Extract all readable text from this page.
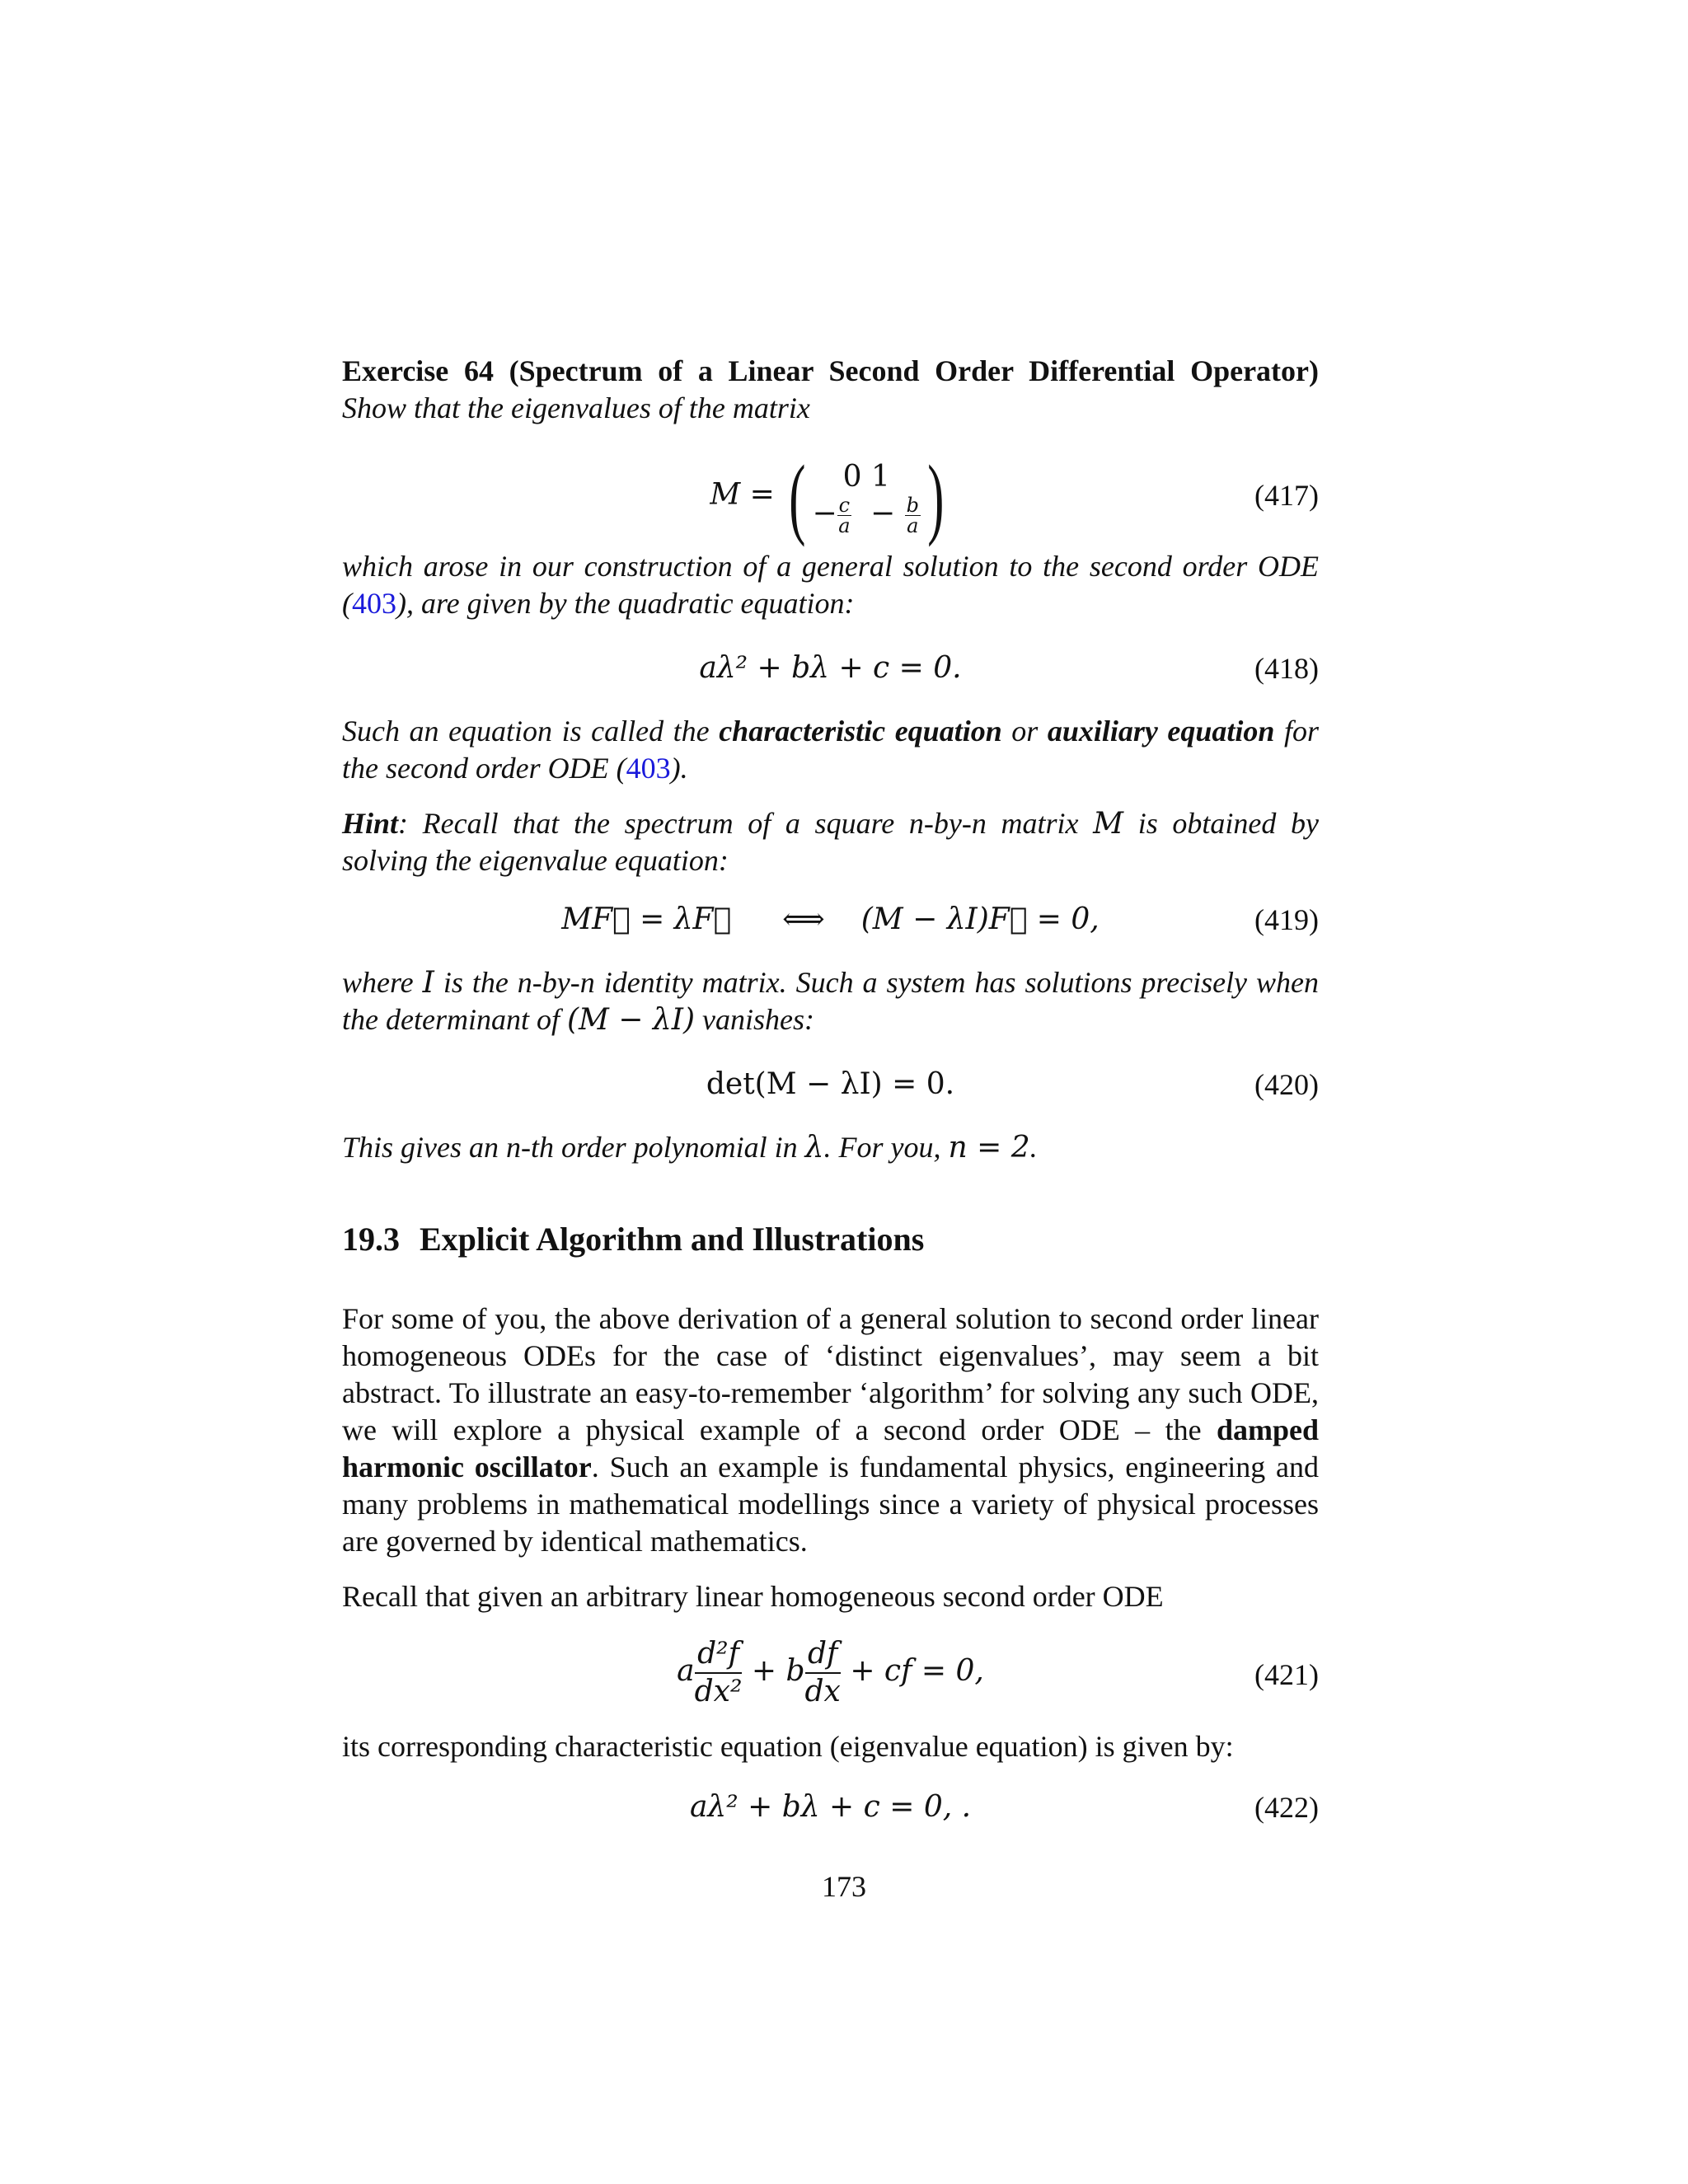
Exercise 64 (Spectrum of a Linear Second Order Differential Operator) Show that the eigenvalues of the matrix

M = (	0 1
− $\frac{c}{a} - \frac{b}{a}$ )	(417)

which arose in our construction of a general solution to the second order ODE (403), are given by the quadratic equation:

aλ² + bλ + c = 0.	(418)

Such an equation is called the characteristic equation or auxiliary equation for the second order ODE (403).

Hint: Recall that the spectrum of a square n-by-n matrix M is obtained by solving the eigenvalue equation:

MF⃗ = λF⃗ ⟺ (M − λI)F⃗ = 0,	(419)

where I is the n-by-n identity matrix. Such a system has solutions precisely when the determinant of (M − λI) vanishes:

det(M − λI) = 0.	(420)

This gives an n-th order polynomial in λ. For you, n = 2.

19.3 Explicit Algorithm and Illustrations

For some of you, the above derivation of a general solution to second order linear homogeneous ODEs for the case of ‘distinct eigenvalues’, may seem a bit abstract. To illustrate an easy-to-remember ‘algorithm’ for solving any such ODE, we will explore a physical example of a second order ODE – the damped harmonic oscillator. Such an example is fundamental physics, engineering and many problems in mathematical modellings since a variety of physical processes are governed by identical mathematics.

Recall that given an arbitrary linear homogeneous second order ODE

a $\frac{\text{d²f}}{\text{dx²}} + b \frac{df}{dx}$ + cf = 0,	(421)

its corresponding characteristic equation (eigenvalue equation) is given by:

aλ² + bλ + c = 0, .	(422)
173
